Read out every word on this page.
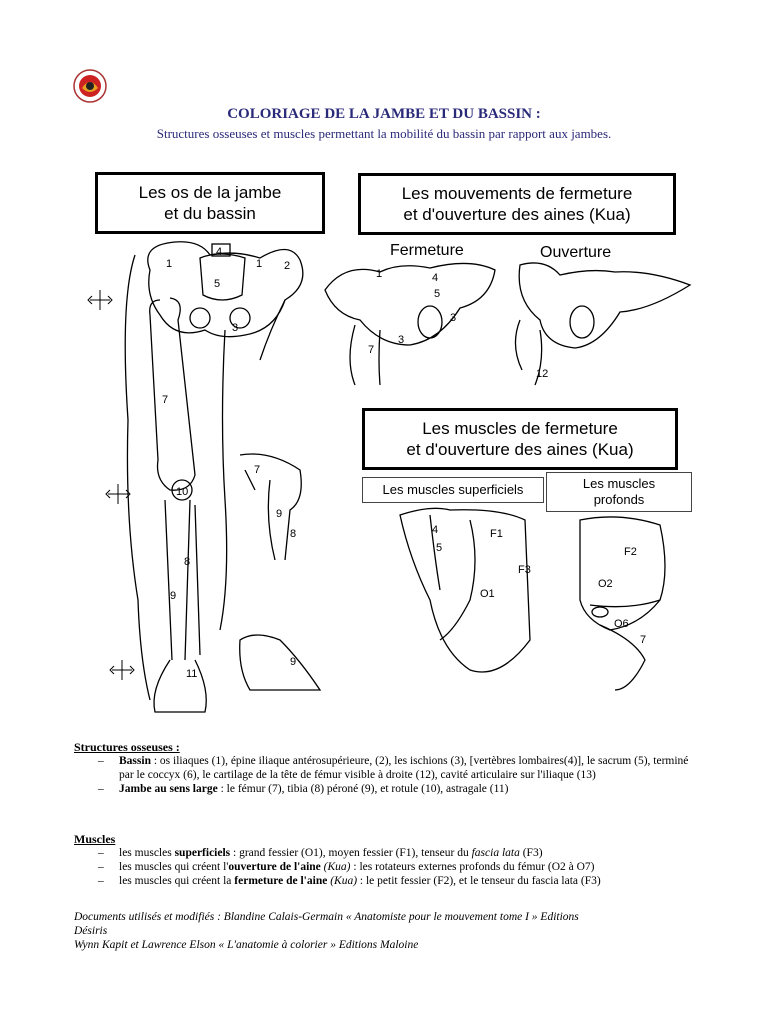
COLORIAGE DE LA JAMBE ET DU BASSIN :
Structures osseuses et muscles permettant la mobilité du bassin par rapport aux jambes.
Les os de la jambe
et du bassin
Les mouvements de fermeture
et d'ouverture des aines (Kua)
Les muscles de fermeture
et d'ouverture des aines (Kua)
Les muscles superficiels	Les muscles
profonds
Fermeture	Ouverture
1
4
1 2
5
3
7
10
8
9
11
7
9
8
9
1	4
5
3
3
7
12
4
5
F1
F3
O1
F2
O2
O6
7
Structures osseuses :
– Bassin : os iliaques (1), épine iliaque antérosupérieure, (2), les ischions (3), [vertèbres lombaires(4)], le sacrum (5), terminé par le coccyx (6), le cartilage de la tête de fémur visible à droite (12), cavité articulaire sur l'iliaque (13)
– Jambe au sens large : le fémur (7), tibia (8) péroné (9), et rotule (10), astragale (11)
Muscles
– les muscles superficiels : grand fessier (O1), moyen fessier (F1), tenseur du fascia lata (F3)
– les muscles qui créent l'ouverture de l'aine (Kua) : les rotateurs externes profonds du fémur (O2 à O7)
– les muscles qui créent la fermeture de l'aine (Kua) : le petit fessier (F2), et le tenseur du fascia lata (F3)
Documents utilisés et modifiés : Blandine Calais-Germain « Anatomiste pour le mouvement tome I » Editions
Désiris
Wynn Kapit et Lawrence Elson « L'anatomie à colorier » Editions Maloine
